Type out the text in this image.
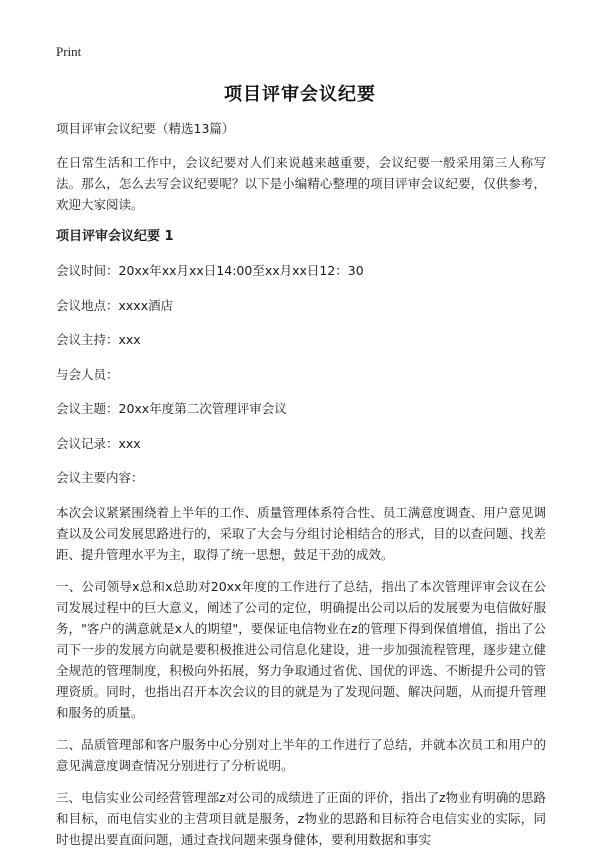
Print
项目评审会议纪要

项目评审会议纪要（精选13篇）

在日常生活和工作中，会议纪要对人们来说越来越重要，会议纪要一般采用第三人称写法。那么，怎么去写会议纪要呢？以下是小编精心整理的项目评审会议纪要，仅供参考，欢迎大家阅读。

项目评审会议纪要 1

会议时间：20xx年xx月xx日14:00至xx月xx日12：30

会议地点：xxxx酒店

会议主持：xxx

与会人员：

会议主题：20xx年度第二次管理评审会议

会议记录：xxx

会议主要内容：

本次会议紧紧围绕着上半年的工作、质量管理体系符合性、员工满意度调查、用户意见调查以及公司发展思路进行的，采取了大会与分组讨论相结合的形式，目的以查问题、找差距、提升管理水平为主，取得了统一思想，鼓足干劲的成效。

一、公司领导x总和x总助对20xx年度的工作进行了总结，指出了本次管理评审会议在公司发展过程中的巨大意义，阐述了公司的定位，明确提出公司以后的发展要为电信做好服务，"客户的满意就是x人的期望"，要保证电信物业在z的管理下得到保值增值，指出了公司下一步的发展方向就是要积极推进公司信息化建设，进一步加强流程管理，逐步建立健全规范的管理制度，积极向外拓展，努力争取通过省优、国优的评选、不断提升公司的管理资质。同时，也指出召开本次会议的目的就是为了发现问题、解决问题，从而提升管理和服务的质量。

二、品质管理部和客户服务中心分别对上半年的工作进行了总结，并就本次员工和用户的意见满意度调查情况分别进行了分析说明。

三、电信实业公司经营管理部z对公司的成绩进了正面的评价，指出了z物业有明确的思路和目标，而电信实业的主营项目就是服务，z物业的思路和目标符合电信实业的实际，同时也提出要直面问题，通过查找问题来强身健体，要利用数据和事实
